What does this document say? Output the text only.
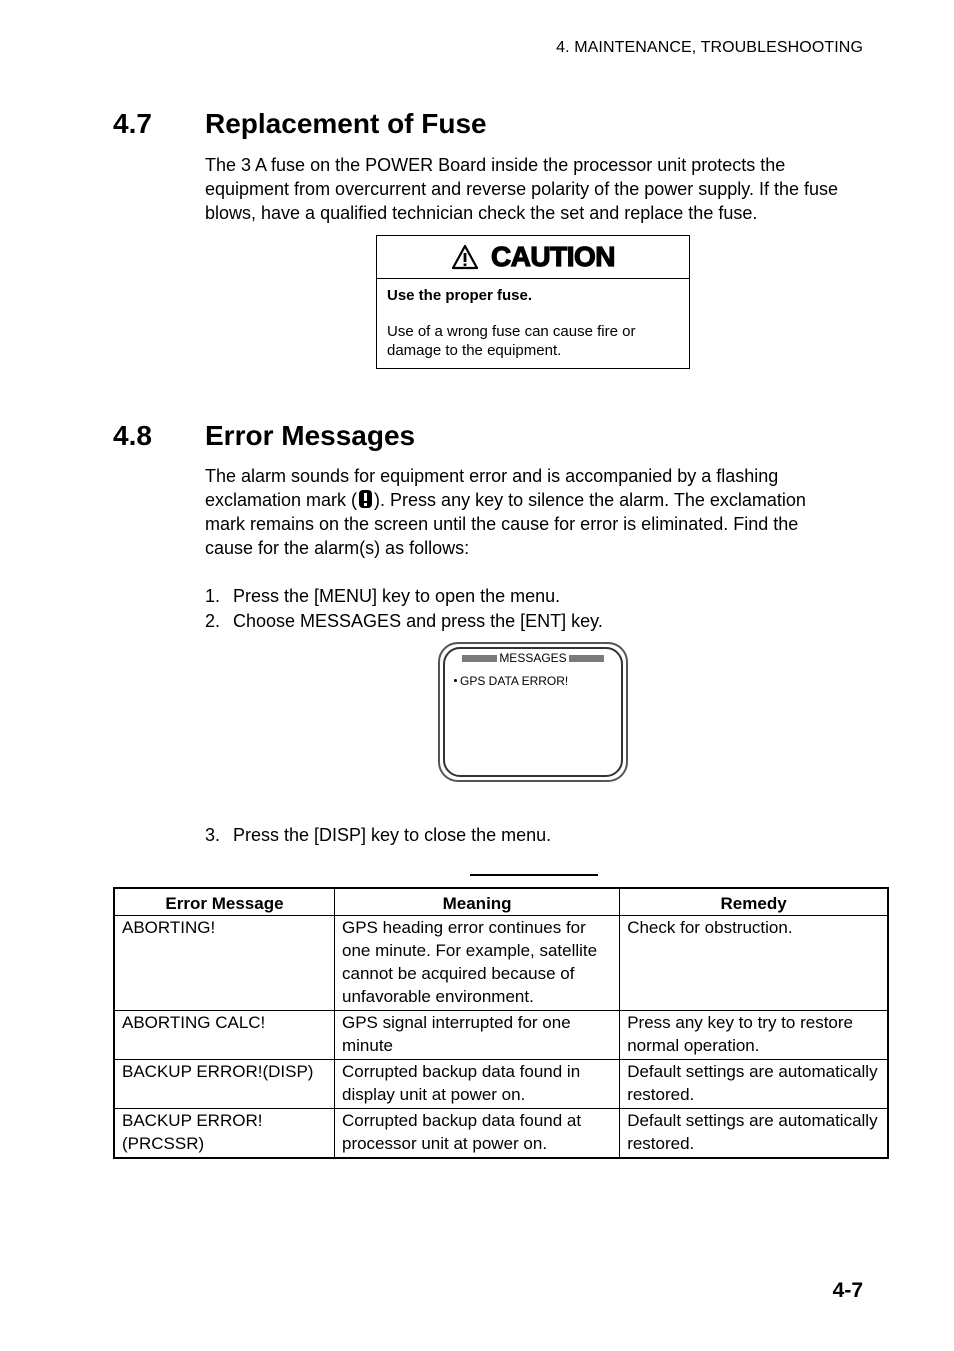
4. MAINTENANCE, TROUBLESHOOTING
4.7	Replacement of Fuse

The 3 A fuse on the POWER Board inside the processor unit protects the equipment from overcurrent and reverse polarity of the power supply. If the fuse blows, have a qualified technician check the set and replace the fuse.

CAUTION
Use the proper fuse.
Use of a wrong fuse can cause fire or damage to the equipment.
4.8	Error Messages

The alarm sounds for equipment error and is accompanied by a flashing exclamation mark ( ). Press any key to silence the alarm. The exclamation mark remains on the screen until the cause for error is eliminated. Find the cause for the alarm(s) as follows:

1. Press the [MENU] key to open the menu.
2. Choose MESSAGES and press the [ENT] key.
MESSAGES
GPS DATA ERROR!
3. Press the [DISP] key to close the menu.
Error Message	Meaning	Remedy
ABORTING!	GPS heading error continues for one minute. For example, satellite cannot be acquired because of unfavorable environment.	Check for obstruction.
ABORTING CALC!	GPS signal interrupted for one minute	Press any key to try to restore normal operation.
BACKUP ERROR!(DISP)	Corrupted backup data found in display unit at power on.	Default settings are automatically restored.
BACKUP ERROR!(PRCSSR)	Corrupted backup data found at processor unit at power on.	Default settings are automatically restored.
4-7
